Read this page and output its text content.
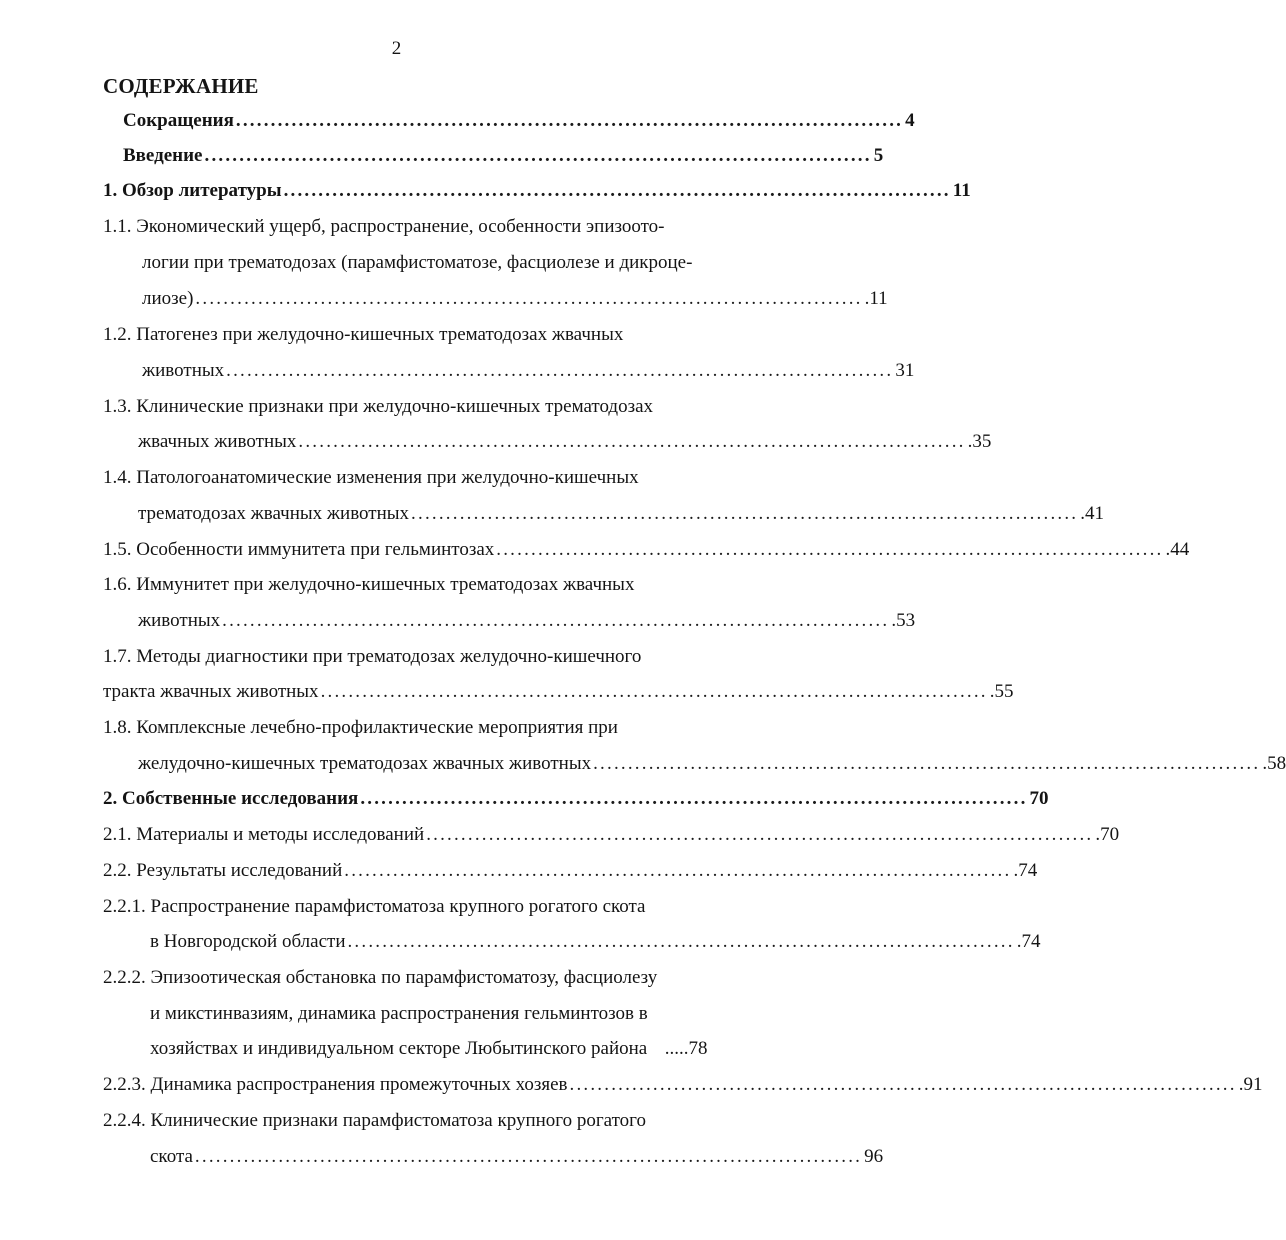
2
СОДЕРЖАНИЕ
Сокращения ................................................................................................ 4
Введение ................................................................................................ 5
1. Обзор литературы ................................................................................................ 11
1.1. Экономический ущерб, распространение, особенности эпизоото-
логии при трематодозах (парамфистоматозе, фасциолезе и дикроце-
лиозе) ................................................................................................ .11
1.2. Патогенез при желудочно-кишечных трематодозах жвачных
животных ................................................................................................ 31
1.3. Клинические признаки при желудочно-кишечных трематодозах
жвачных животных ................................................................................................ .35
1.4. Патологоанатомические изменения при желудочно-кишечных
трематодозах жвачных животных ................................................................................................ .41
1.5. Особенности иммунитета при гельминтозах ................................................................................................ .44
1.6. Иммунитет при желудочно-кишечных трематодозах жвачных
животных ................................................................................................ .53
1.7. Методы диагностики при трематодозах желудочно-кишечного
тракта жвачных животных ................................................................................................ .55
1.8. Комплексные лечебно-профилактические мероприятия при
желудочно-кишечных трематодозах жвачных животных ................................................................................................ .58
2. Собственные исследования ................................................................................................ 70
2.1. Материалы и методы исследований ................................................................................................ .70
2.2. Результаты исследований ................................................................................................ .74
2.2.1. Распространение парамфистоматоза крупного рогатого скота
в Новгородской области ................................................................................................ .74
2.2.2. Эпизоотическая обстановка по парамфистоматозу, фасциолезу
и микстинвазиям, динамика распространения гельминтозов в
хозяйствах и индивидуальном секторе Любытинского района .....78
2.2.3. Динамика распространения промежуточных хозяев ................................................................................................ .91
2.2.4. Клинические признаки парамфистоматоза крупного рогатого
скота ................................................................................................ 96
